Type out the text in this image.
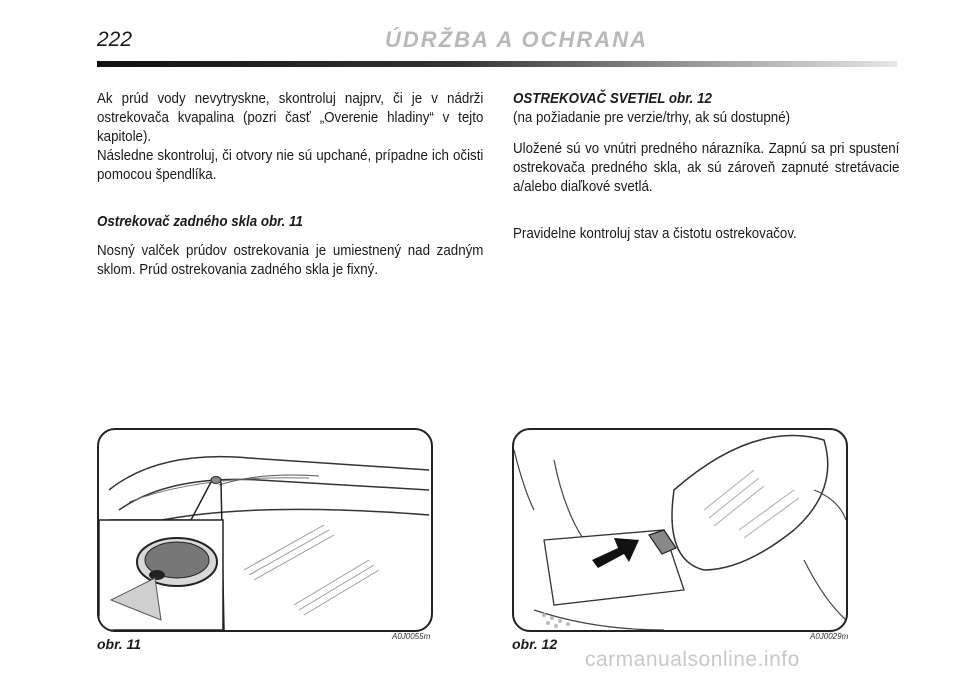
222	ÚDRŽBA A OCHRANA

Ak prúd vody nevytryskne, skontroluj najprv, či je v nádrži ostrekovača kvapalina (pozri časť „Overenie hladiny“ v tejto kapitole).

Následne skontroluj, či otvory nie sú upchané, prípadne ich očisti pomocou špendlíka.

Ostrekovač zadného skla obr. 11

Nosný valček prúdov ostrekovania je umiestnený nad zadným sklom. Prúd ostrekovania zadného skla je fixný.

OSTREKOVAČ SVETIEL obr. 12

(na požiadanie pre verzie/trhy, ak sú dostupné)

Uložené sú vo vnútri predného nárazníka. Zapnú sa pri spustení ostrekovača predného skla, ak sú zároveň zapnuté stretávacie a/alebo diaľkové svetlá.

Pravidelne kontroluj stav a čistotu ostrekovačov.

obr. 11	A0J0055m	obr. 12	A0J0029m
carmanualsonline.info
